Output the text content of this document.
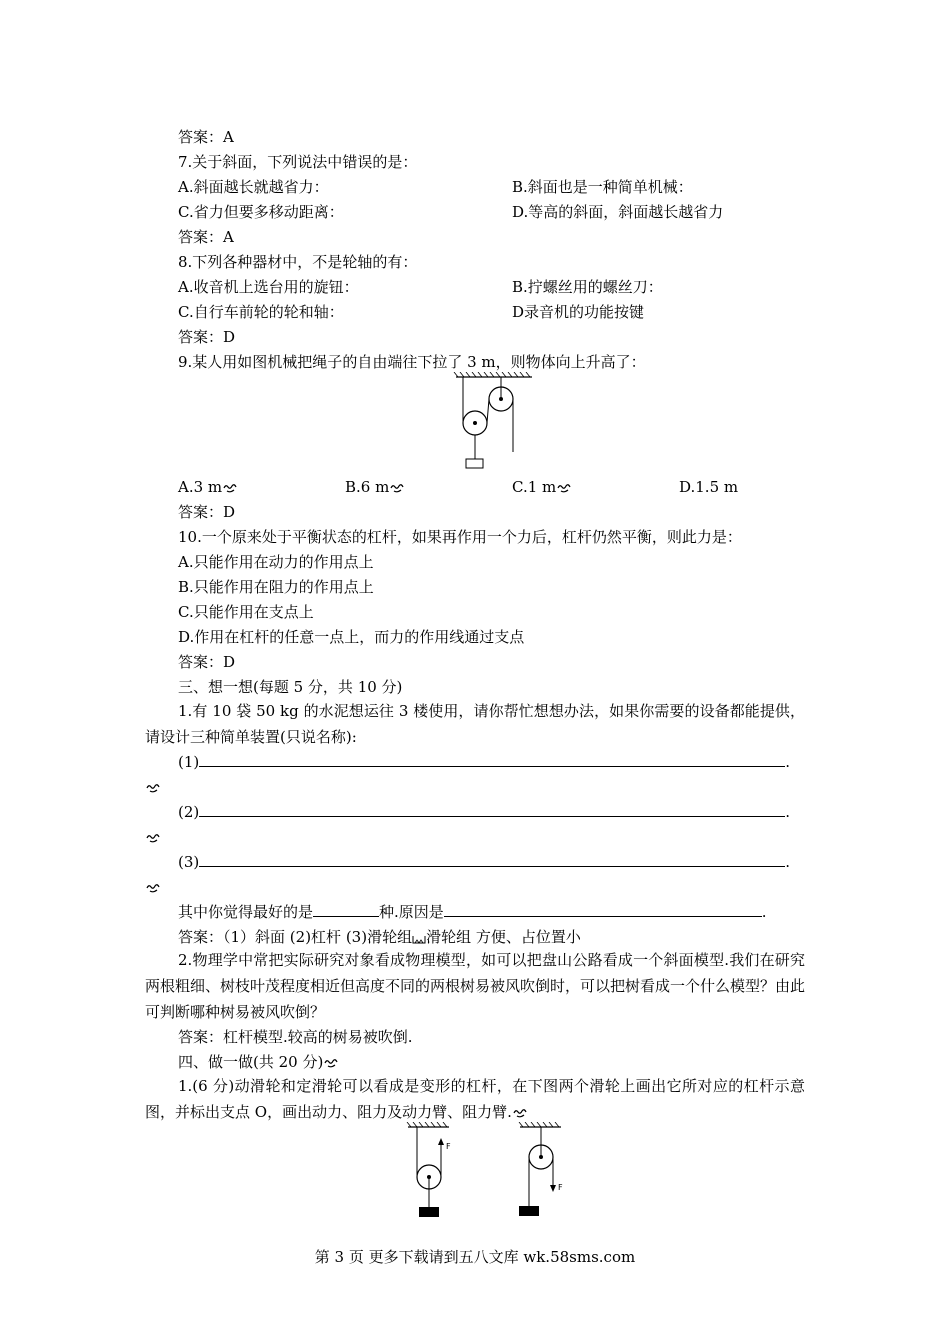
答案：A
7.关于斜面，下列说法中错误的是：
A.斜面越长就越省力：	B.斜面也是一种简单机械：
C.省力但要多移动距离：	D.等高的斜面，斜面越长越省力
答案：A
8.下列各种器材中，不是轮轴的有：
A.收音机上选台用的旋钮：	B.拧螺丝用的螺丝刀：
C.自行车前轮的轮和轴：	D录音机的功能按键
答案：D
9.某人用如图机械把绳子的自由端往下拉了 3 m，则物体向上升高了：
A.3 m	B.6 m	C.1 m	D.1.5 m
答案：D
10.一个原来处于平衡状态的杠杆，如果再作用一个力后，杠杆仍然平衡，则此力是：
A.只能作用在动力的作用点上
B.只能作用在阻力的作用点上
C.只能作用在支点上
D.作用在杠杆的任意一点上，而力的作用线通过支点
答案：D
三、想一想(每题 5 分，共 10 分)
1.有 10 袋 50 kg 的水泥想运往 3 楼使用，请你帮忙想想办法，如果你需要的设备都能提供，请设计三种简单装置(只说名称):
(1)	.
(2)	.
(3)	.
其中你觉得最好的是	种.原因是	.
答案：（1）斜面 (2)杠杆 (3)滑轮组 滑轮组 方便、占位置小
2.物理学中常把实际研究对象看成物理模型，如可以把盘山公路看成一个斜面模型.我们在研究两根粗细、树枝叶茂程度相近但高度不同的两根树易被风吹倒时，可以把树看成一个什么模型？由此可判断哪种树易被风吹倒？
答案：杠杆模型.较高的树易被吹倒.
四、做一做(共 20 分)
1.(6 分)动滑轮和定滑轮可以看成是变形的杠杆，在下图两个滑轮上画出它所对应的杠杆示意图，并标出支点 O，画出动力、阻力及动力臂、阻力臂.
F
F
第 3 页 更多下载请到五八文库 wk.58sms.com
